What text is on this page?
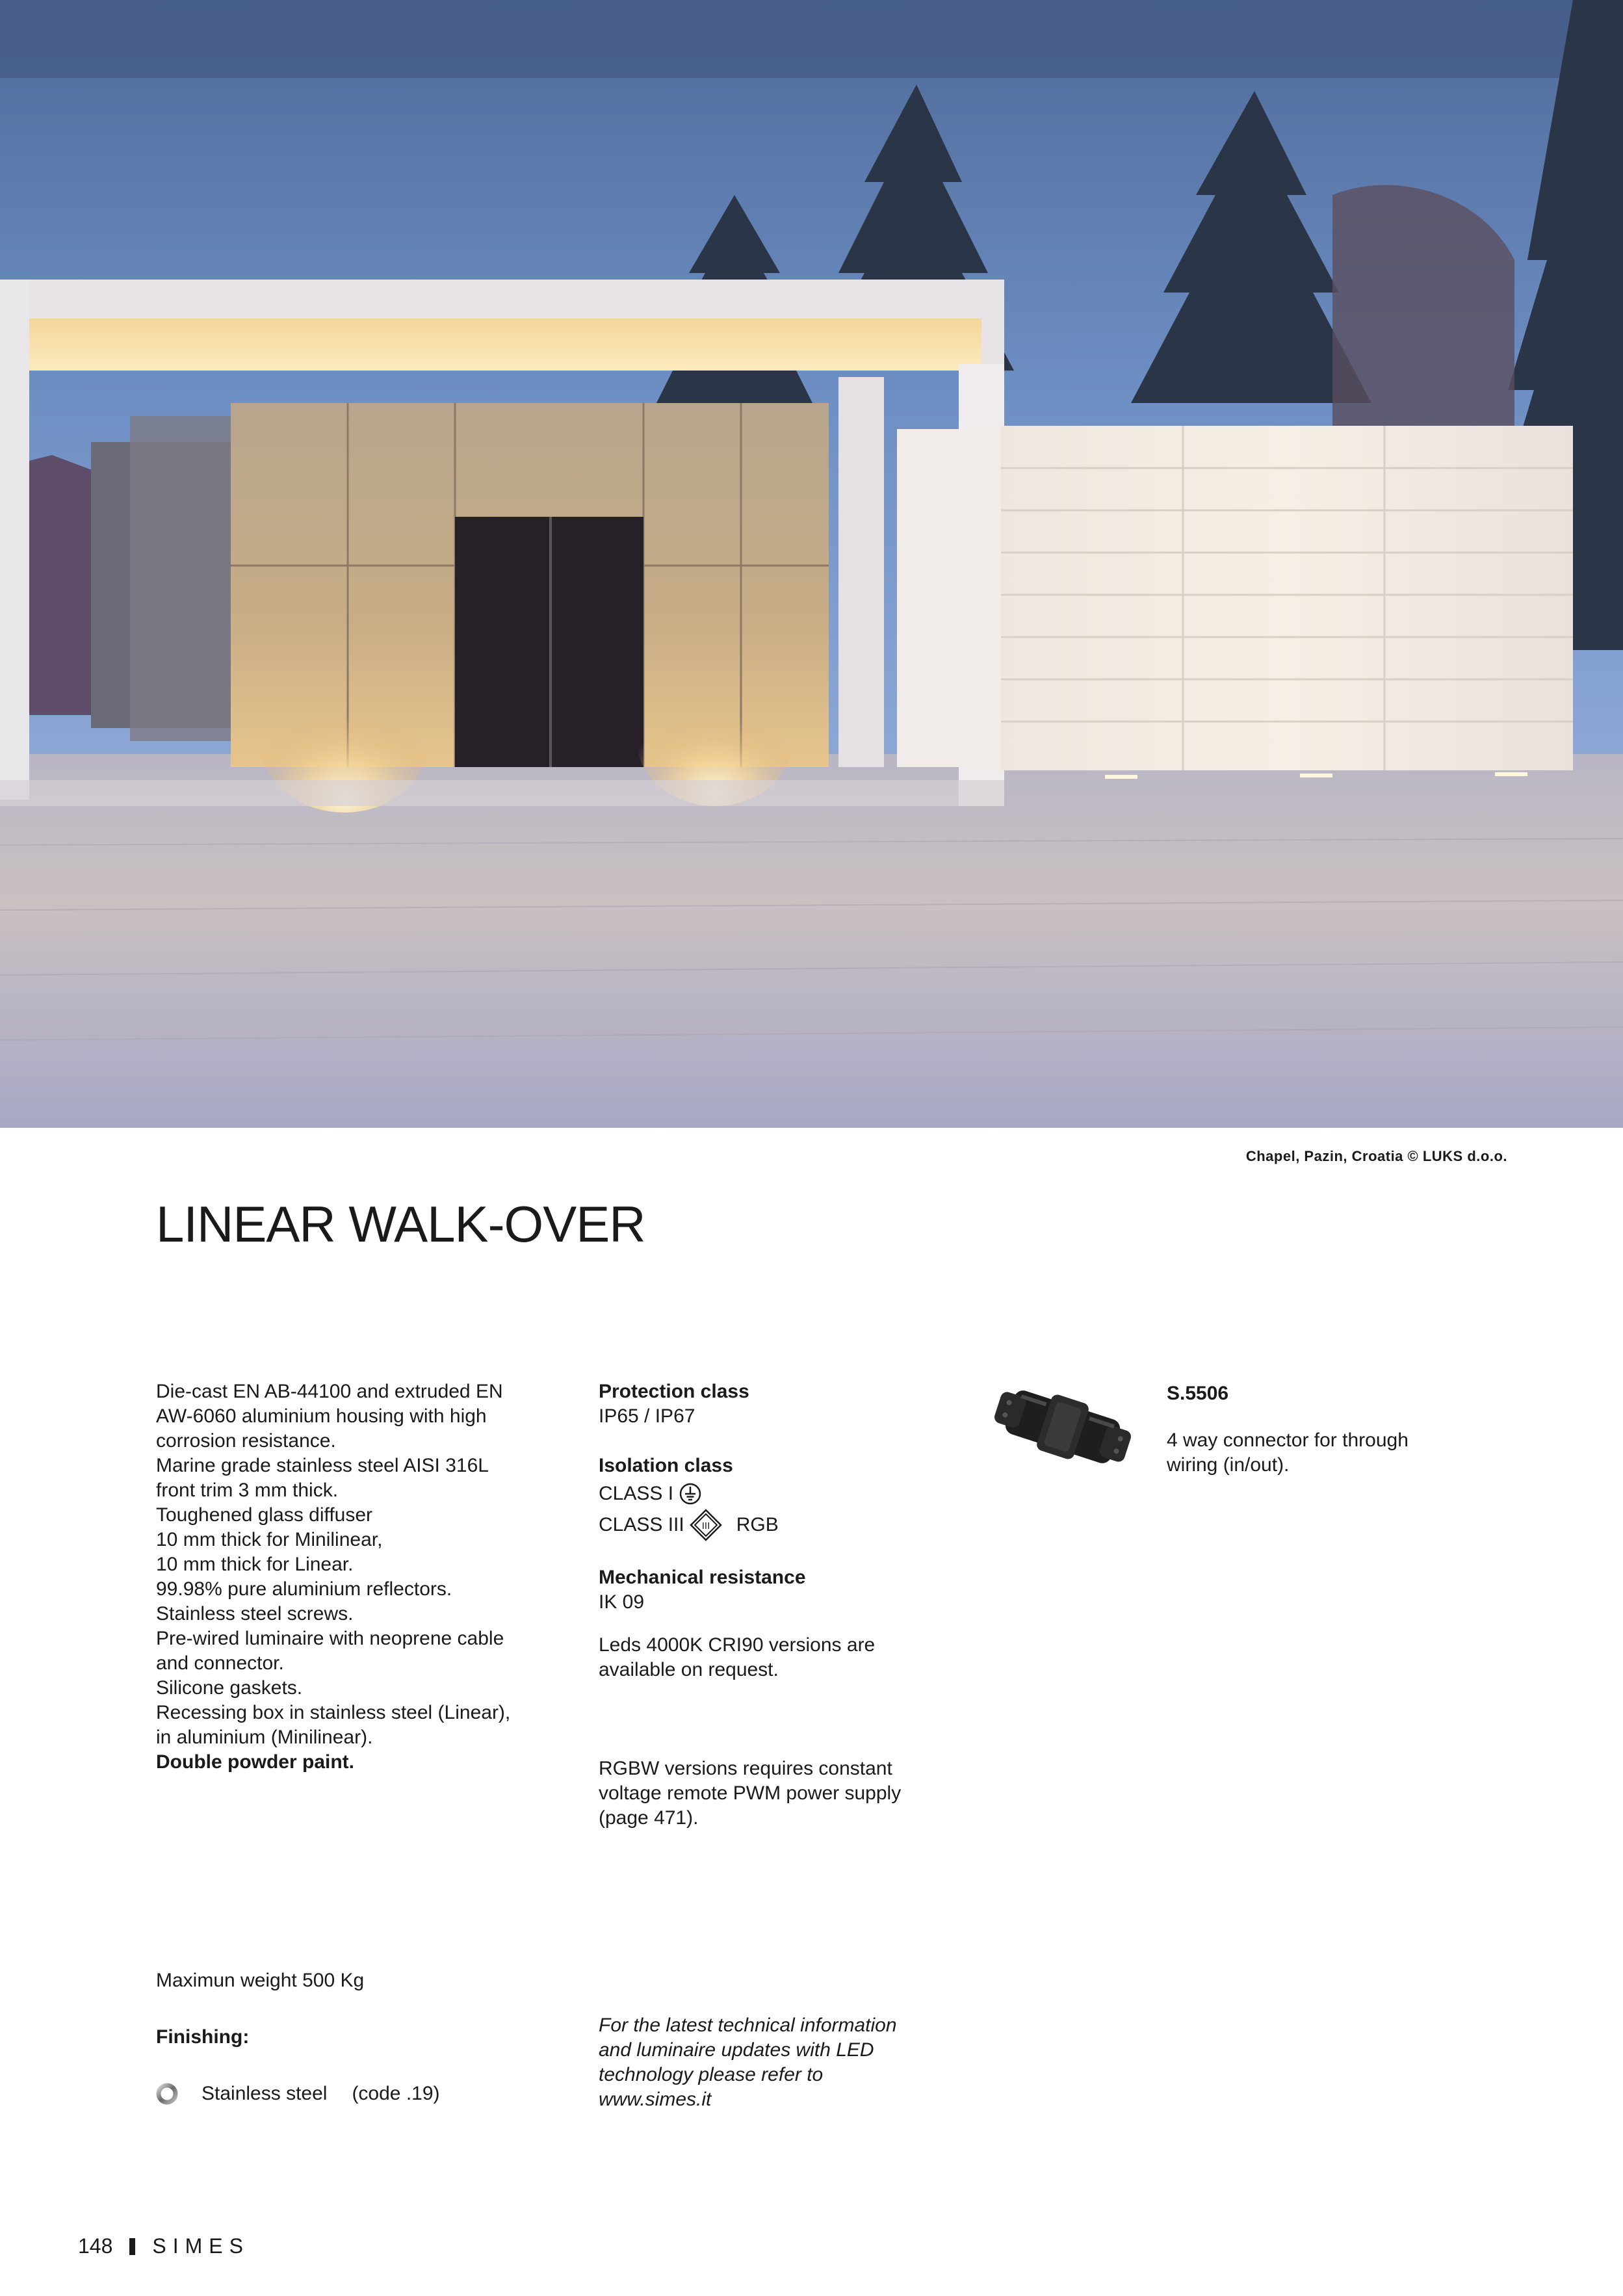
Chapel, Pazin, Croatia © LUKS d.o.o.
LINEAR WALK-OVER
Die-cast EN AB-44100 and extruded EN
AW-6060 aluminium housing with high
corrosion resistance.
Marine grade stainless steel AISI 316L
front trim 3 mm thick.
Toughened glass diffuser
10 mm thick for Minilinear,
10 mm thick for Linear.
99.98% pure aluminium reflectors.
Stainless steel screws.
Pre-wired luminaire with neoprene cable
and connector.
Silicone gaskets.
Recessing box in stainless steel (Linear),
in aluminium (Minilinear).
Double powder paint.
Protection class
IP65 / IP67
Isolation class
CLASS I
CLASS III III RGB
Mechanical resistance
IK 09
Leds 4000K CRI90 versions are
available on request.
RGBW versions requires constant
voltage remote PWM power supply
(page 471).
S.5506
4 way connector for through
wiring (in/out).
Maximun weight 500 Kg
Finishing:
Stainless steel (code .19)
For the latest technical information
and luminaire updates with LED
technology please refer to
www.simes.it
148 SIMES
